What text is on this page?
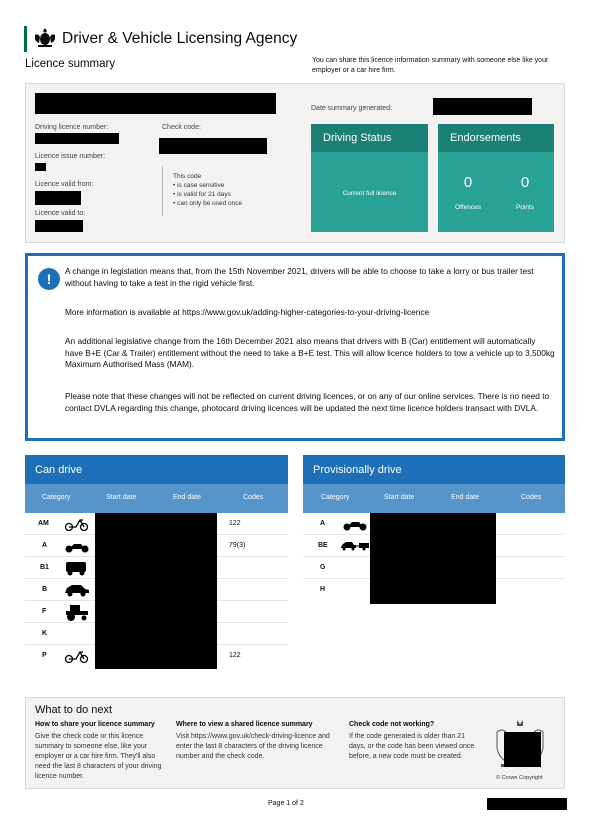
Driver & Vehicle Licensing Agency
Licence summary	You can share this licence information summary with someone else like your employer or a car hire firm.
Driving licence number:	Check code:
Licence issue number:
Licence valid from:
Licence valid to:
This code
• is case sensitive
• is valid for 21 days
• can only be used once
Date summary generated:
Driving Status
Current full licence
Endorsements
0
Offences
0
Points
!	A change in legislation means that, from the 15th November 2021, drivers will be able to choose to take a lorry or bus trailer test without having to take a test in the rigid vehicle first.
More information is available at https://www.gov.uk/adding-higher-categories-to-your-driving-licence
An additional legislative change from the 16th December 2021 also means that drivers with B (Car) entitlement will automatically have B+E (Car & Trailer) entitlement without the need to take a B+E test. This will allow licence holders to tow a vehicle up to 3,500kg Maximum Authorised Mass (MAM).
Please note that these changes will not be reflected on current driving licences, or on any of our online services. There is no need to contact DVLA regarding this change, photocard driving licences will be updated the next time licence holders transact with DVLA.
Can drive
Category	Start date	End date	Codes
AM	122
A	79(3)
B1
B
F
K
P	122
Provisionally drive
Category	Start date	End date	Codes
A
BE
G
H
What to do next
How to share your licence summary
Give the check code or this licence summary to someone else, like your employer or a car hire firm. They'll also need the last 8 characters of your driving licence number.
Where to view a shared licence summary
Visit https://www.gov.uk/check-driving-licence and enter the last 8 characters of the driving licence number and the check code.
Check code not working?
If the code generated is older than 21 days, or the code has been viewed once before, a new code must be created.
© Crown Copyright
Page 1 of 2
